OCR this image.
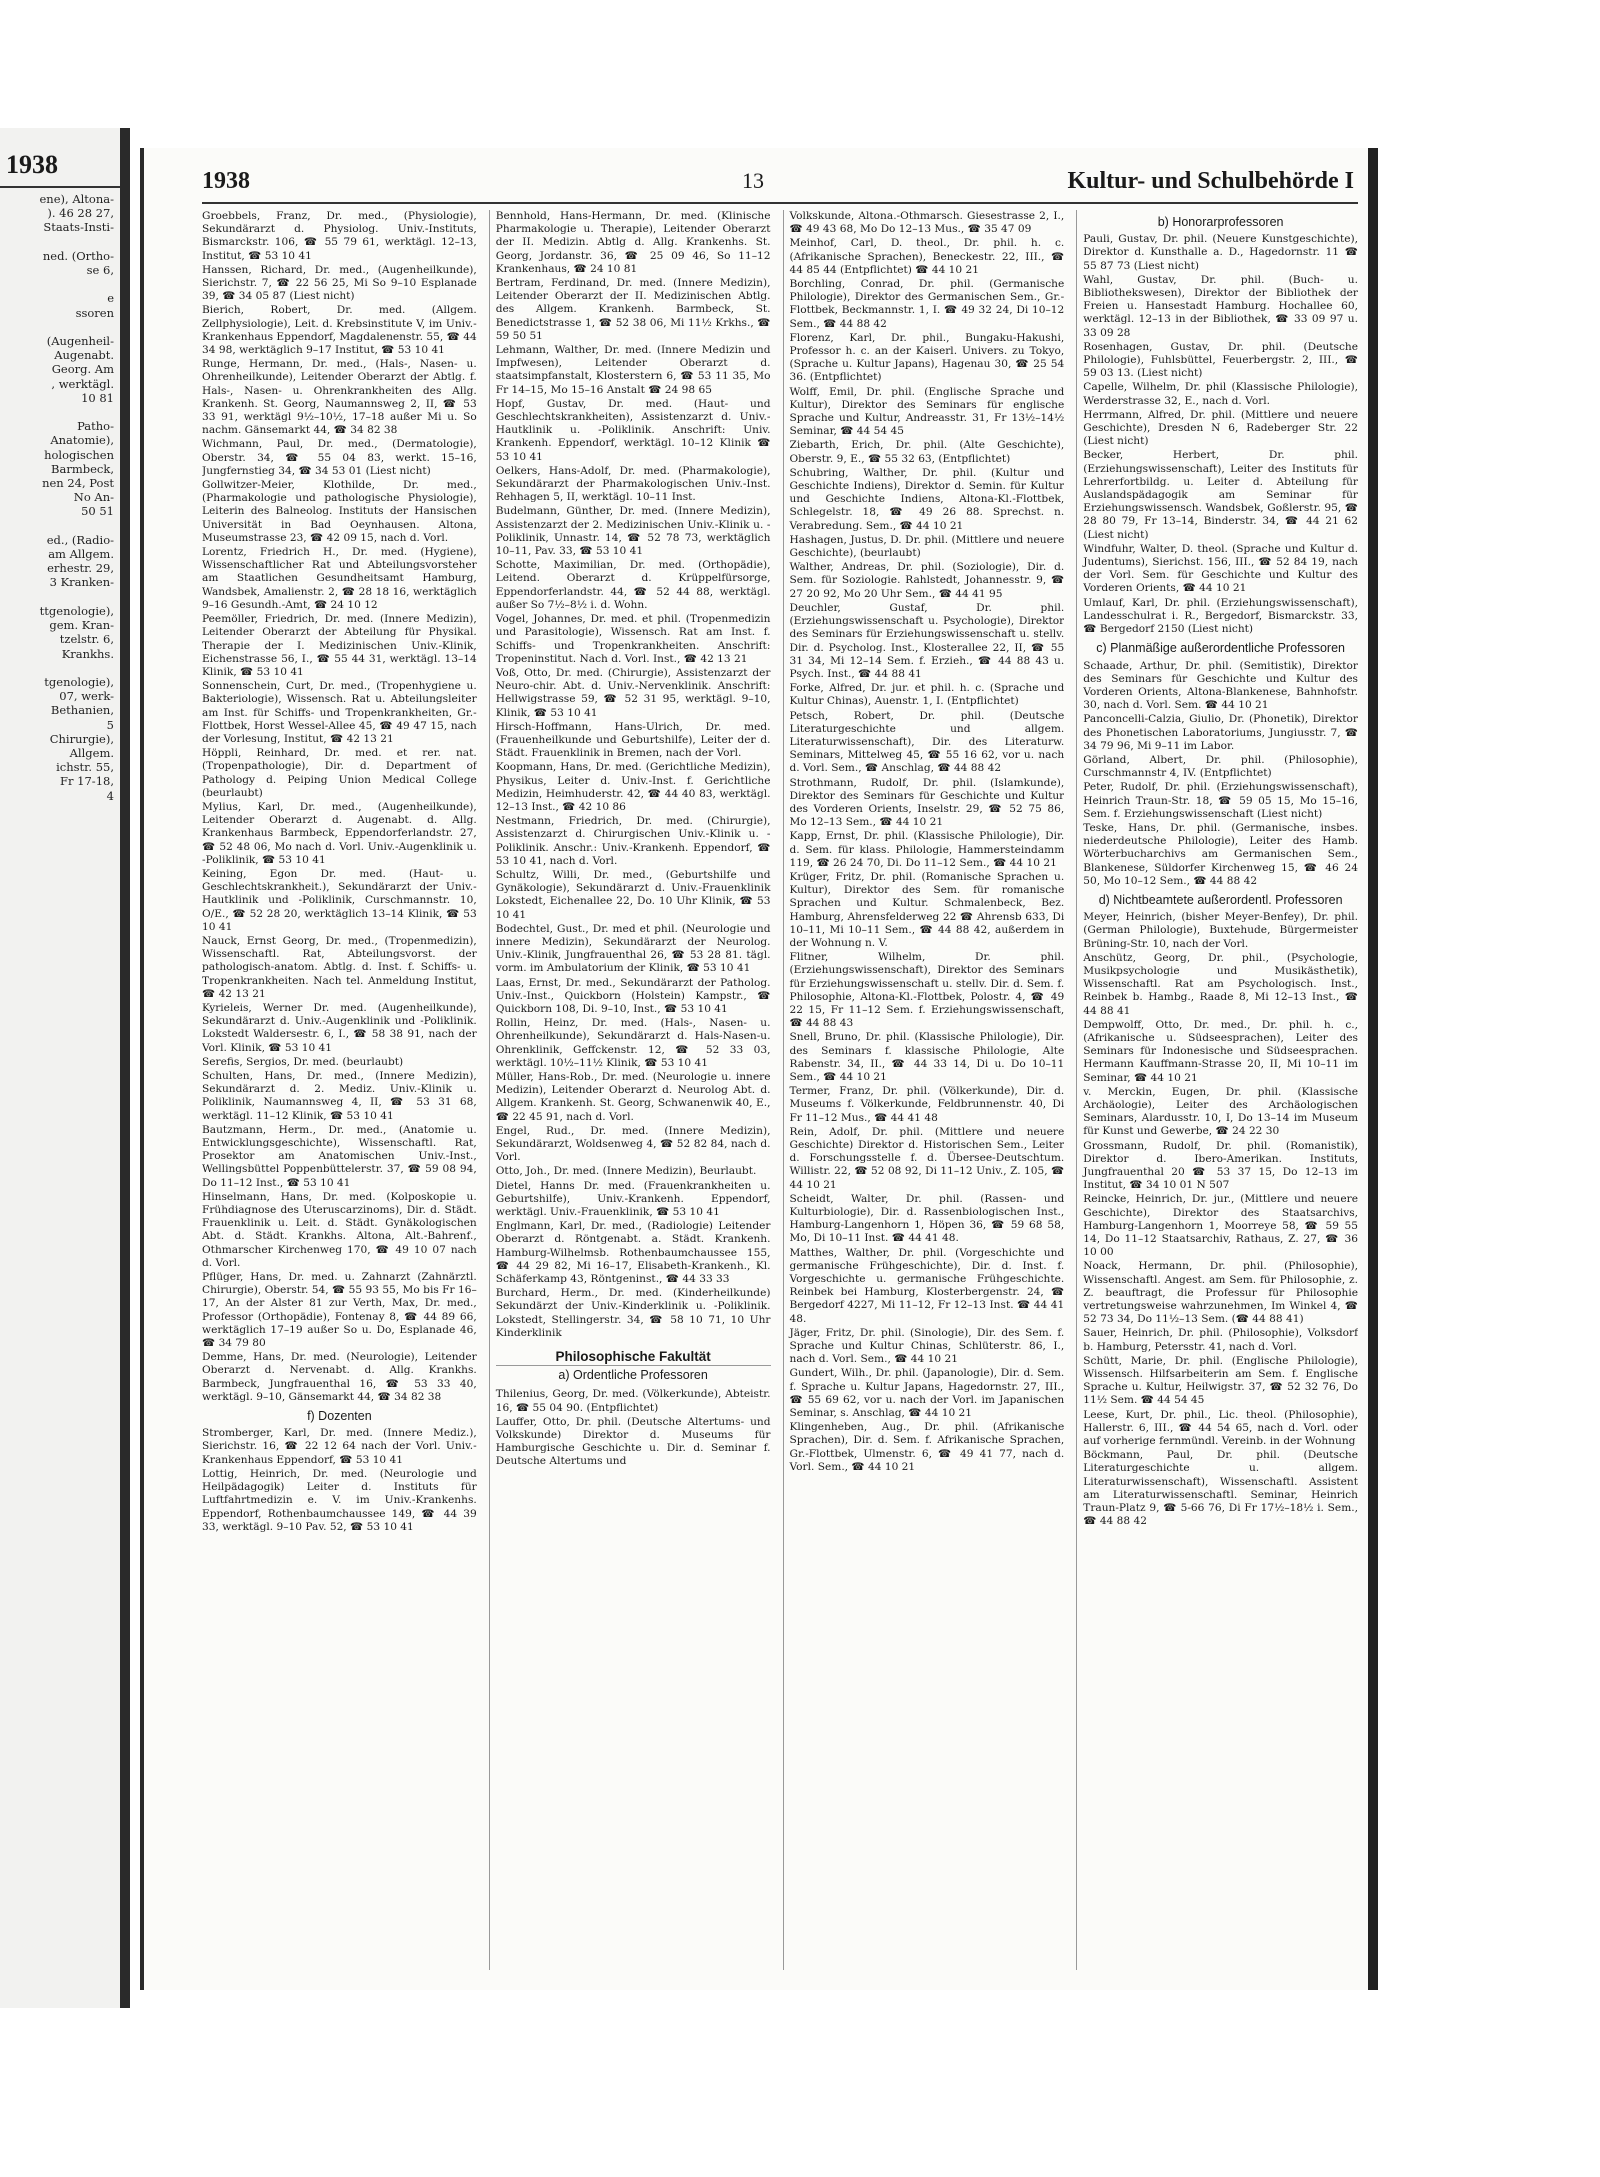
1938
ene), Altona-
). 46 28 27,
Staats-Insti-

ned. (Ortho-
se 6,

e
ssoren

(Augenheil-
Augenabt.
Georg. Am
, werktägl.
10 81

Patho-
Anatomie),
hologischen
Barmbeck,
nen 24, Post
No An-
50 51

ed., (Radio-
am Allgem.
erhestr. 29,
3 Kranken-

ttgenologie),
gem. Kran-
tzelstr. 6,
Krankhs.

tgenologie),
07, werk-
Bethanien,
5
Chirurgie),
Allgem.
ichstr. 55,
Fr 17-18,
4
1938	13	Kultur- und Schulbehörde I
Groebbels, Franz, Dr. med., (Physiologie), Sekundärarzt d. Physiolog. Univ.-Instituts, Bismarckstr. 106, ☎ 55 79 61, werktägl. 12–13, Institut, ☎ 53 10 41
Hanssen, Richard, Dr. med., (Augenheilkunde), Sierichstr. 7, ☎ 22 56 25, Mi So 9–10 Esplanade 39, ☎ 34 05 87 (Liest nicht)
Bierich, Robert, Dr. med. (Allgem. Zellphysiologie), Leit. d. Krebsinstitute V, im Univ.-Krankenhaus Eppendorf, Magdalenenstr. 55, ☎ 44 34 98, werktäglich 9–17 Institut, ☎ 53 10 41
Runge, Hermann, Dr. med., (Hals-, Nasen- u. Ohrenheilkunde), Leitender Oberarzt der Abtlg. f. Hals-, Nasen- u. Ohrenkrankheiten des Allg. Krankenh. St. Georg, Naumannsweg 2, II, ☎ 53 33 91, werktägl 9½–10½, 17–18 außer Mi u. So nachm. Gänsemarkt 44, ☎ 34 82 38
Wichmann, Paul, Dr. med., (Dermatologie), Oberstr. 34, ☎ 55 04 83, werkt. 15–16, Jungfernstieg 34, ☎ 34 53 01 (Liest nicht)
Gollwitzer-Meier, Klothilde, Dr. med., (Pharmakologie und pathologische Physiologie), Leiterin des Balneolog. Instituts der Hansischen Universität in Bad Oeynhausen. Altona, Museumstrasse 23, ☎ 42 09 15, nach d. Vorl.
Lorentz, Friedrich H., Dr. med. (Hygiene), Wissenschaftlicher Rat und Abteilungsvorsteher am Staatlichen Gesundheitsamt Hamburg, Wandsbek, Amalienstr. 2, ☎ 28 18 16, werktäglich 9–16 Gesundh.-Amt, ☎ 24 10 12
Peemöller, Friedrich, Dr. med. (Innere Medizin), Leitender Oberarzt der Abteilung für Physikal. Therapie der I. Medizinischen Univ.-Klinik, Eichenstrasse 56, I., ☎ 55 44 31, werktägl. 13–14 Klinik, ☎ 53 10 41
Sonnenschein, Curt, Dr. med., (Tropenhygiene u. Bakteriologie), Wissensch. Rat u. Abteilungsleiter am Inst. für Schiffs- und Tropenkrankheiten, Gr.-Flottbek, Horst Wessel-Allee 45, ☎ 49 47 15, nach der Vorlesung, Institut, ☎ 42 13 21
Höppli, Reinhard, Dr. med. et rer. nat. (Tropenpathologie), Dir. d. Department of Pathology d. Peiping Union Medical College (beurlaubt)
Mylius, Karl, Dr. med., (Augenheilkunde), Leitender Oberarzt d. Augenabt. d. Allg. Krankenhaus Barmbeck, Eppendorferlandstr. 27, ☎ 52 48 06, Mo nach d. Vorl. Univ.-Augenklinik u. -Poliklinik, ☎ 53 10 41
Keining, Egon Dr. med. (Haut- u. Geschlechtskrankheit.), Sekundärarzt der Univ.-Hautklinik und -Poliklinik, Curschmannstr. 10, O/E., ☎ 52 28 20, werktäglich 13–14 Klinik, ☎ 53 10 41
Nauck, Ernst Georg, Dr. med., (Tropenmedizin), Wissenschaftl. Rat, Abteilungsvorst. der pathologisch-anatom. Abtlg. d. Inst. f. Schiffs- u. Tropenkrankheiten. Nach tel. Anmeldung Institut, ☎ 42 13 21
Kyrieleis, Werner Dr. med. (Augenheilkunde), Sekundärarzt d. Univ.-Augenklinik und -Poliklinik. Lokstedt Waldersestr. 6, I., ☎ 58 38 91, nach der Vorl. Klinik, ☎ 53 10 41
Serefis, Sergios, Dr. med. (beurlaubt)
Schulten, Hans, Dr. med., (Innere Medizin), Sekundärarzt d. 2. Mediz. Univ.-Klinik u. Poliklinik, Naumannsweg 4, II, ☎ 53 31 68, werktägl. 11–12 Klinik, ☎ 53 10 41
Bautzmann, Herm., Dr. med., (Anatomie u. Entwicklungsgeschichte), Wissenschaftl. Rat, Prosektor am Anatomischen Univ.-Inst., Wellingsbüttel Poppenbüttelerstr. 37, ☎ 59 08 94, Do 11–12 Inst., ☎ 53 10 41
Hinselmann, Hans, Dr. med. (Kolposkopie u. Frühdiagnose des Uteruscarzinoms), Dir. d. Städt. Frauenklinik u. Leit. d. Städt. Gynäkologischen Abt. d. Städt. Krankhs. Altona, Alt.-Bahrenf., Othmarscher Kirchenweg 170, ☎ 49 10 07 nach d. Vorl.
Pflüger, Hans, Dr. med. u. Zahnarzt (Zahnärztl. Chirurgie), Oberstr. 54, ☎ 55 93 55, Mo bis Fr 16–17, An der Alster 81 zur Verth, Max, Dr. med., Professor (Orthopädie), Fontenay 8, ☎ 44 89 66, werktäglich 17–19 außer So u. Do, Esplanade 46, ☎ 34 79 80
Demme, Hans, Dr. med. (Neurologie), Leitender Oberarzt d. Nervenabt. d. Allg. Krankhs. Barmbeck, Jungfrauenthal 16, ☎ 53 33 40, werktägl. 9–10, Gänsemarkt 44, ☎ 34 82 38
f) Dozenten
Stromberger, Karl, Dr. med. (Innere Mediz.), Sierichstr. 16, ☎ 22 12 64 nach der Vorl. Univ.-Krankenhaus Eppendorf, ☎ 53 10 41
Lottig, Heinrich, Dr. med. (Neurologie und Heilpädagogik) Leiter d. Instituts für Luftfahrtmedizin e. V. im Univ.-Krankenhs. Eppendorf, Rothenbaumchaussee 149, ☎ 44 39 33, werktägl. 9–10 Pav. 52, ☎ 53 10 41
Bennhold, Hans-Hermann, Dr. med. (Klinische Pharmakologie u. Therapie), Leitender Oberarzt der II. Medizin. Abtlg d. Allg. Krankenhs. St. Georg, Jordanstr. 36, ☎ 25 09 46, So 11–12 Krankenhaus, ☎ 24 10 81
Bertram, Ferdinand, Dr. med. (Innere Medizin), Leitender Oberarzt der II. Medizinischen Abtlg. des Allgem. Krankenh. Barmbeck, St. Benedictstrasse 1, ☎ 52 38 06, Mi 11½ Krkhs., ☎ 59 50 51
Lehmann, Walther, Dr. med. (Innere Medizin und Impfwesen), Leitender Oberarzt d. staatsimpfanstalt, Klosterstern 6, ☎ 53 11 35, Mo Fr 14–15, Mo 15–16 Anstalt ☎ 24 98 65
Hopf, Gustav, Dr. med. (Haut- und Geschlechtskrankheiten), Assistenzarzt d. Univ.-Hautklinik u. -Poliklinik. Anschrift: Univ. Krankenh. Eppendorf, werktägl. 10–12 Klinik ☎ 53 10 41
Oelkers, Hans-Adolf, Dr. med. (Pharmakologie), Sekundärarzt der Pharmakologischen Univ.-Inst. Rehhagen 5, II, werktägl. 10–11 Inst.
Budelmann, Günther, Dr. med. (Innere Medizin), Assistenzarzt der 2. Medizinischen Univ.-Klinik u. -Poliklinik, Unnastr. 14, ☎ 52 78 73, werktäglich 10–11, Pav. 33, ☎ 53 10 41
Schotte, Maximilian, Dr. med. (Orthopädie), Leitend. Oberarzt d. Krüppelfürsorge, Eppendorferlandstr. 44, ☎ 52 44 88, werktägl. außer So 7½–8½ i. d. Wohn.
Vogel, Johannes, Dr. med. et phil. (Tropenmedizin und Parasitologie), Wissensch. Rat am Inst. f. Schiffs- und Tropenkrankheiten. Anschrift: Tropeninstitut. Nach d. Vorl. Inst., ☎ 42 13 21
Voß, Otto, Dr. med. (Chirurgie), Assistenzarzt der Neuro-chir. Abt. d. Univ.-Nervenklinik. Anschrift: Hellwigstrasse 59, ☎ 52 31 95, werktägl. 9–10, Klinik, ☎ 53 10 41
Hirsch-Hoffmann, Hans-Ulrich, Dr. med. (Frauenheilkunde und Geburtshilfe), Leiter der d. Städt. Frauenklinik in Bremen, nach der Vorl.
Koopmann, Hans, Dr. med. (Gerichtliche Medizin), Physikus, Leiter d. Univ.-Inst. f. Gerichtliche Medizin, Heimhuderstr. 42, ☎ 44 40 83, werktägl. 12–13 Inst., ☎ 42 10 86
Nestmann, Friedrich, Dr. med. (Chirurgie), Assistenzarzt d. Chirurgischen Univ.-Klinik u. -Poliklinik. Anschr.: Univ.-Krankenh. Eppendorf, ☎ 53 10 41, nach d. Vorl.
Schultz, Willi, Dr. med., (Geburtshilfe und Gynäkologie), Sekundärarzt d. Univ.-Frauenklinik Lokstedt, Eichenallee 22, Do. 10 Uhr Klinik, ☎ 53 10 41
Bodechtel, Gust., Dr. med et phil. (Neurologie und innere Medizin), Sekundärarzt der Neurolog. Univ.-Klinik, Jungfrauenthal 26, ☎ 53 28 81. tägl. vorm. im Ambulatorium der Klinik, ☎ 53 10 41
Laas, Ernst, Dr. med., Sekundärarzt der Patholog. Univ.-Inst., Quickborn (Holstein) Kampstr., ☎ Quickborn 108, Di. 9–10, Inst., ☎ 53 10 41
Rollin, Heinz, Dr. med. (Hals-, Nasen- u. Ohrenheilkunde), Sekundärarzt d. Hals-Nasen-u. Ohrenklinik, Geffckenstr. 12, ☎ 52 33 03, werktägl. 10½–11½ Klinik, ☎ 53 10 41
Müller, Hans-Rob., Dr. med. (Neurologie u. innere Medizin), Leitender Oberarzt d. Neurolog Abt. d. Allgem. Krankenh. St. Georg, Schwanenwik 40, E., ☎ 22 45 91, nach d. Vorl.
Engel, Rud., Dr. med. (Innere Medizin), Sekundärarzt, Woldsenweg 4, ☎ 52 82 84, nach d. Vorl.
Otto, Joh., Dr. med. (Innere Medizin), Beurlaubt.
Dietel, Hanns Dr. med. (Frauenkrankheiten u. Geburtshilfe), Univ.-Krankenh. Eppendorf, werktägl. Univ.-Frauenklinik, ☎ 53 10 41
Englmann, Karl, Dr. med., (Radiologie) Leitender Oberarzt d. Röntgenabt. a. Städt. Krankenh. Hamburg-Wilhelmsb. Rothenbaumchaussee 155, ☎ 44 29 82, Mi 16–17, Elisabeth-Krankenh., Kl. Schäferkamp 43, Röntgeninst., ☎ 44 33 33
Burchard, Herm., Dr. med. (Kinderheilkunde) Sekundärzt der Univ.-Kinderklinik u. -Poliklinik. Lokstedt, Stellingerstr. 34, ☎ 58 10 71, 10 Uhr Kinderklinik
Philosophische Fakultät
a) Ordentliche Professoren
Thilenius, Georg, Dr. med. (Völkerkunde), Abteistr. 16, ☎ 55 04 90. (Entpflichtet)
Lauffer, Otto, Dr. phil. (Deutsche Altertums- und Volkskunde) Direktor d. Museums für Hamburgische Geschichte u. Dir. d. Seminar f. Deutsche Altertums und
Volkskunde, Altona.-Othmarsch. Giesestrasse 2, I., ☎ 49 43 68, Mo Do 12–13 Mus., ☎ 35 47 09
Meinhof, Carl, D. theol., Dr. phil. h. c. (Afrikanische Sprachen), Beneckestr. 22, III., ☎ 44 85 44 (Entpflichtet) ☎ 44 10 21
Borchling, Conrad, Dr. phil. (Germanische Philologie), Direktor des Germanischen Sem., Gr.-Flottbek, Beckmannstr. 1, I. ☎ 49 32 24, Di 10–12 Sem., ☎ 44 88 42
Florenz, Karl, Dr. phil., Bungaku-Hakushi, Professor h. c. an der Kaiserl. Univers. zu Tokyo, (Sprache u. Kultur Japans), Hagenau 30, ☎ 25 54 36. (Entpflichtet)
Wolff, Emil, Dr. phil. (Englische Sprache und Kultur), Direktor des Seminars für englische Sprache und Kultur, Andreasstr. 31, Fr 13½–14½ Seminar, ☎ 44 54 45
Ziebarth, Erich, Dr. phil. (Alte Geschichte), Oberstr. 9, E., ☎ 55 32 63, (Entpflichtet)
Schubring, Walther, Dr. phil. (Kultur und Geschichte Indiens), Direktor d. Semin. für Kultur und Geschichte Indiens, Altona-Kl.-Flottbek, Schlegelstr. 18, ☎ 49 26 88. Sprechst. n. Verabredung. Sem., ☎ 44 10 21
Hashagen, Justus, D. Dr. phil. (Mittlere und neuere Geschichte), (beurlaubt)
Walther, Andreas, Dr. phil. (Soziologie), Dir. d. Sem. für Soziologie. Rahlstedt, Johannesstr. 9, ☎ 27 20 92, Mo 20 Uhr Sem., ☎ 44 41 95
Deuchler, Gustaf, Dr. phil. (Erziehungswissenschaft u. Psychologie), Direktor des Seminars für Erziehungswissenschaft u. stellv. Dir. d. Psycholog. Inst., Klosterallee 22, II, ☎ 55 31 34, Mi 12–14 Sem. f. Erzieh., ☎ 44 88 43 u. Psych. Inst., ☎ 44 88 41
Forke, Alfred, Dr. jur. et phil. h. c. (Sprache und Kultur Chinas), Auenstr. 1, I. (Entpflichtet)
Petsch, Robert, Dr. phil. (Deutsche Literaturgeschichte und allgem. Literaturwissenschaft), Dir. des Literaturw. Seminars, Mittelweg 45, ☎ 55 16 62, vor u. nach d. Vorl. Sem., ☎ Anschlag, ☎ 44 88 42
Strothmann, Rudolf, Dr. phil. (Islamkunde), Direktor des Seminars für Geschichte und Kultur des Vorderen Orients, Inselstr. 29, ☎ 52 75 86, Mo 12–13 Sem., ☎ 44 10 21
Kapp, Ernst, Dr. phil. (Klassische Philologie), Dir. d. Sem. für klass. Philologie, Hammersteindamm 119, ☎ 26 24 70, Di. Do 11–12 Sem., ☎ 44 10 21
Krüger, Fritz, Dr. phil. (Romanische Sprachen u. Kultur), Direktor des Sem. für romanische Sprachen und Kultur. Schmalenbeck, Bez. Hamburg, Ahrensfelderweg 22 ☎ Ahrensb 633, Di 10–11, Mi 10–11 Sem., ☎ 44 88 42, außerdem in der Wohnung n. V.
Flitner, Wilhelm, Dr. phil. (Erziehungswissenschaft), Direktor des Seminars für Erziehungswissenschaft u. stellv. Dir. d. Sem. f. Philosophie, Altona-Kl.-Flottbek, Polostr. 4, ☎ 49 22 15, Fr 11–12 Sem. f. Erziehungswissenschaft, ☎ 44 88 43
Snell, Bruno, Dr. phil. (Klassische Philologie), Dir. des Seminars f. klassische Philologie, Alte Rabenstr. 34, II., ☎ 44 33 14, Di u. Do 10–11 Sem., ☎ 44 10 21
Termer, Franz, Dr. phil. (Völkerkunde), Dir. d. Museums f. Völkerkunde, Feldbrunnenstr. 40, Di Fr 11–12 Mus., ☎ 44 41 48
Rein, Adolf, Dr. phil. (Mittlere und neuere Geschichte) Direktor d. Historischen Sem., Leiter d. Forschungsstelle f. d. Übersee-Deutschtum. Willistr. 22, ☎ 52 08 92, Di 11–12 Univ., Z. 105, ☎ 44 10 21
Scheidt, Walter, Dr. phil. (Rassen- und Kulturbiologie), Dir. d. Rassenbiologischen Inst., Hamburg-Langenhorn 1, Höpen 36, ☎ 59 68 58, Mo, Di 10–11 Inst. ☎ 44 41 48.
Matthes, Walther, Dr. phil. (Vorgeschichte und germanische Frühgeschichte), Dir. d. Inst. f. Vorgeschichte u. germanische Frühgeschichte. Reinbek bei Hamburg, Klosterbergenstr. 24, ☎ Bergedorf 4227, Mi 11–12, Fr 12–13 Inst. ☎ 44 41 48.
Jäger, Fritz, Dr. phil. (Sinologie), Dir. des Sem. f. Sprache und Kultur Chinas, Schlüterstr. 86, I., nach d. Vorl. Sem., ☎ 44 10 21
Gundert, Wilh., Dr. phil. (Japanologie), Dir. d. Sem. f. Sprache u. Kultur Japans, Hagedornstr. 27, III., ☎ 55 69 62, vor u. nach der Vorl. im Japanischen Seminar, s. Anschlag, ☎ 44 10 21
Klingenheben, Aug., Dr. phil. (Afrikanische Sprachen), Dir. d. Sem. f. Afrikanische Sprachen, Gr.-Flottbek, Ulmenstr. 6, ☎ 49 41 77, nach d. Vorl. Sem., ☎ 44 10 21
b) Honorarprofessoren
Pauli, Gustav, Dr. phil. (Neuere Kunstgeschichte), Direktor d. Kunsthalle a. D., Hagedornstr. 11 ☎ 55 87 73 (Liest nicht)
Wahl, Gustav, Dr. phil. (Buch- u. Bibliothekswesen), Direktor der Bibliothek der Freien u. Hansestadt Hamburg. Hochallee 60, werktägl. 12–13 in der Bibliothek, ☎ 33 09 97 u. 33 09 28
Rosenhagen, Gustav, Dr. phil. (Deutsche Philologie), Fuhlsbüttel, Feuerbergstr. 2, III., ☎ 59 03 13. (Liest nicht)
Capelle, Wilhelm, Dr. phil (Klassische Philologie), Werderstrasse 32, E., nach d. Vorl.
Herrmann, Alfred, Dr. phil. (Mittlere und neuere Geschichte), Dresden N 6, Radeberger Str. 22 (Liest nicht)
Becker, Herbert, Dr. phil. (Erziehungswissenschaft), Leiter des Instituts für Lehrerfortbildg. u. Leiter d. Abteilung für Auslandspädagogik am Seminar für Erziehungswissensch. Wandsbek, Goßlerstr. 95, ☎ 28 80 79, Fr 13–14, Binderstr. 34, ☎ 44 21 62 (Liest nicht)
Windfuhr, Walter, D. theol. (Sprache und Kultur d. Judentums), Sierichst. 156, III., ☎ 52 84 19, nach der Vorl. Sem. für Geschichte und Kultur des Vorderen Orients, ☎ 44 10 21
Umlauf, Karl, Dr. phil. (Erziehungswissenschaft), Landesschulrat i. R., Bergedorf, Bismarckstr. 33, ☎ Bergedorf 2150 (Liest nicht)
c) Planmäßige außerordentliche Professoren
Schaade, Arthur, Dr. phil. (Semitistik), Direktor des Seminars für Geschichte und Kultur des Vorderen Orients, Altona-Blankenese, Bahnhofstr. 30, nach d. Vorl. Sem. ☎ 44 10 21
Panconcelli-Calzia, Giulio, Dr. (Phonetik), Direktor des Phonetischen Laboratoriums, Jungiusstr. 7, ☎ 34 79 96, Mi 9–11 im Labor.
Görland, Albert, Dr. phil. (Philosophie), Curschmannstr 4, IV. (Entpflichtet)
Peter, Rudolf, Dr. phil. (Erziehungswissenschaft), Heinrich Traun-Str. 18, ☎ 59 05 15, Mo 15–16, Sem. f. Erziehungswissenschaft (Liest nicht)
Teske, Hans, Dr. phil. (Germanische, insbes. niederdeutsche Philologie), Leiter des Hamb. Wörterbucharchivs am Germanischen Sem., Blankenese, Süldorfer Kirchenweg 15, ☎ 46 24 50, Mo 10–12 Sem., ☎ 44 88 42
d) Nichtbeamtete außerordentl. Professoren
Meyer, Heinrich, (bisher Meyer-Benfey), Dr. phil. (German Philologie), Buxtehude, Bürgermeister Brüning-Str. 10, nach der Vorl.
Anschütz, Georg, Dr. phil., (Psychologie, Musikpsychologie und Musikästhetik), Wissenschaftl. Rat am Psychologisch. Inst., Reinbek b. Hambg., Raade 8, Mi 12–13 Inst., ☎ 44 88 41
Dempwolff, Otto, Dr. med., Dr. phil. h. c., (Afrikanische u. Südseesprachen), Leiter des Seminars für Indonesische und Südseesprachen. Hermann Kauffmann-Strasse 20, II, Mi 10–11 im Seminar, ☎ 44 10 21
v. Merckin, Eugen, Dr. phil. (Klassische Archäologie), Leiter des Archäologischen Seminars, Alardusstr. 10, I, Do 13–14 im Museum für Kunst und Gewerbe, ☎ 24 22 30
Grossmann, Rudolf, Dr. phil. (Romanistik), Direktor d. Ibero-Amerikan. Instituts, Jungfrauenthal 20 ☎ 53 37 15, Do 12–13 im Institut, ☎ 34 10 01 N 507
Reincke, Heinrich, Dr. jur., (Mittlere und neuere Geschichte), Direktor des Staatsarchivs, Hamburg-Langenhorn 1, Moorreye 58, ☎ 59 55 14, Do 11–12 Staatsarchiv, Rathaus, Z. 27, ☎ 36 10 00
Noack, Hermann, Dr. phil. (Philosophie), Wissenschaftl. Angest. am Sem. für Philosophie, z. Z. beauftragt, die Professur für Philosophie vertretungsweise wahrzunehmen, Im Winkel 4, ☎ 52 73 34, Do 11½–13 Sem. (☎ 44 88 41)
Sauer, Heinrich, Dr. phil. (Philosophie), Volksdorf b. Hamburg, Petersstr. 41, nach d. Vorl.
Schütt, Marie, Dr. phil. (Englische Philologie), Wissensch. Hilfsarbeiterin am Sem. f. Englische Sprache u. Kultur, Heilwigstr. 37, ☎ 52 32 76, Do 11½ Sem. ☎ 44 54 45
Leese, Kurt, Dr. phil., Lic. theol. (Philosophie), Hallerstr. 6, III., ☎ 44 54 65, nach d. Vorl. oder auf vorherige fernmündl. Vereinb. in der Wohnung
Böckmann, Paul, Dr. phil. (Deutsche Literaturgeschichte u. allgem. Literaturwissenschaft), Wissenschaftl. Assistent am Literaturwissenschaftl. Seminar, Heinrich Traun-Platz 9, ☎ 5-66 76, Di Fr 17½–18½ i. Sem., ☎ 44 88 42
